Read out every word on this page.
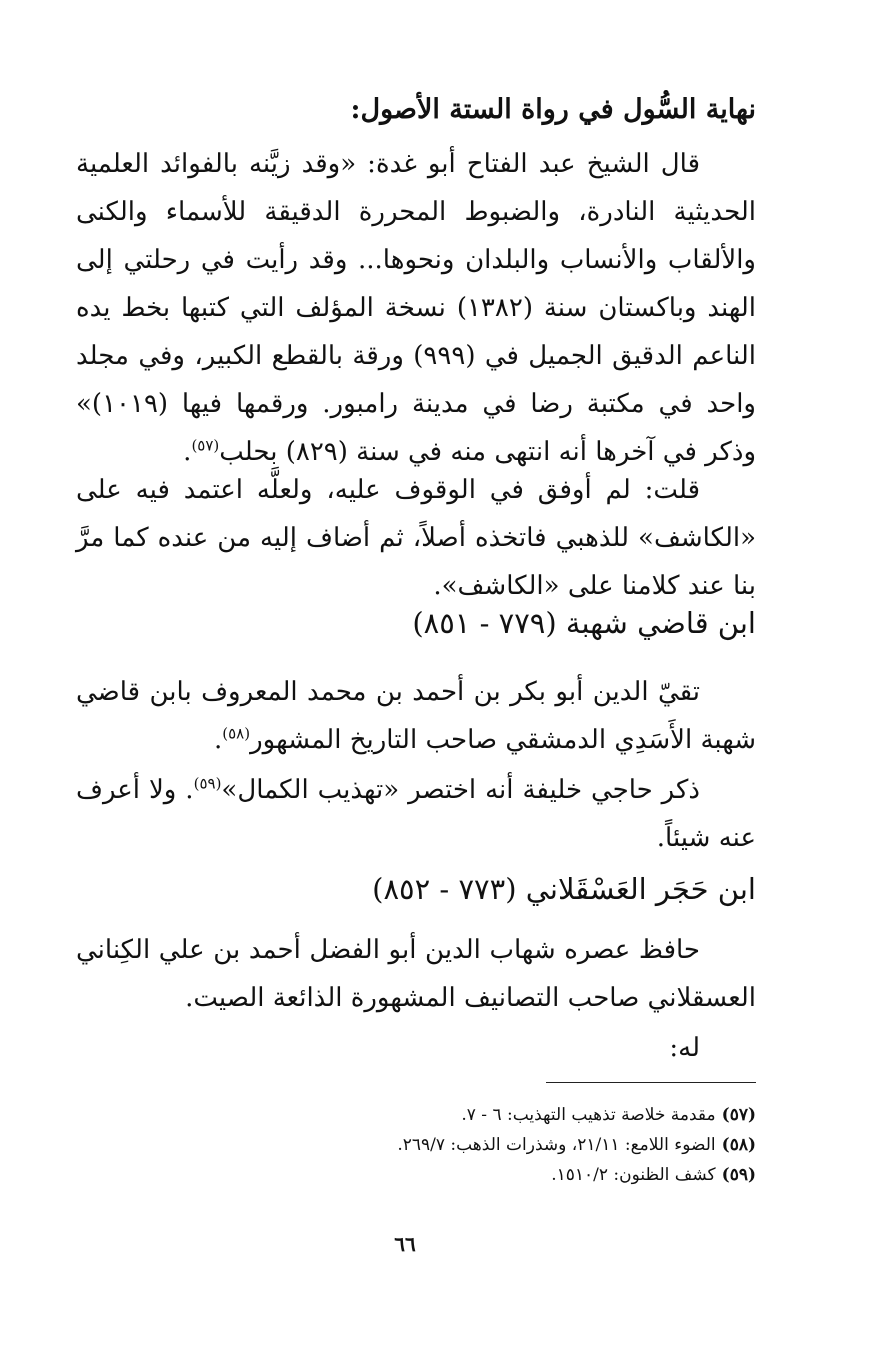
نهاية السُّول في رواة الستة الأصول:
قال الشيخ عبد الفتاح أبو غدة: «وقد زيَّنه بالفوائد العلمية الحديثية النادرة، والضبوط المحررة الدقيقة للأسماء والكنى والألقاب والأنساب والبلدان ونحوها... وقد رأيت في رحلتي إلى الهند وباكستان سنة (١٣٨٢) نسخة المؤلف التي كتبها بخط يده الناعم الدقيق الجميل في (٩٩٩) ورقة بالقطع الكبير، وفي مجلد واحد في مكتبة رضا في مدينة رامبور. ورقمها فيها (١٠١٩)» وذكر في آخرها أنه انتهى منه في سنة (٨٢٩) بحلب$^{(٥٧)}$.
قلت: لم أوفق في الوقوف عليه، ولعلَّه اعتمد فيه على «الكاشف» للذهبي فاتخذه أصلاً، ثم أضاف إليه من عنده كما مرَّ بنا عند كلامنا على «الكاشف».
ابن قاضي شهبة (٧٧٩ - ٨٥١)
تقيّ الدين أبو بكر بن أحمد بن محمد المعروف بابن قاضي شهبة الأَسَدِي الدمشقي صاحب التاريخ المشهور$^{(٥٨)}$.
ذكر حاجي خليفة أنه اختصر «تهذيب الكمال»$^{(٥٩)}$. ولا أعرف عنه شيئاً.
ابن حَجَر العَسْقَلاني (٧٧٣ - ٨٥٢)
حافظ عصره شهاب الدين أبو الفضل أحمد بن علي الكِناني العسقلاني صاحب التصانيف المشهورة الذائعة الصيت.
له:
(٥٧)مقدمة خلاصة تذهيب التهذيب: ٦ - ٧.
(٥٨)الضوء اللامع: ٢١/١١، وشذرات الذهب: ٢٦٩/٧.
(٥٩)كشف الظنون: ١٥١٠/٢.
٦٦
